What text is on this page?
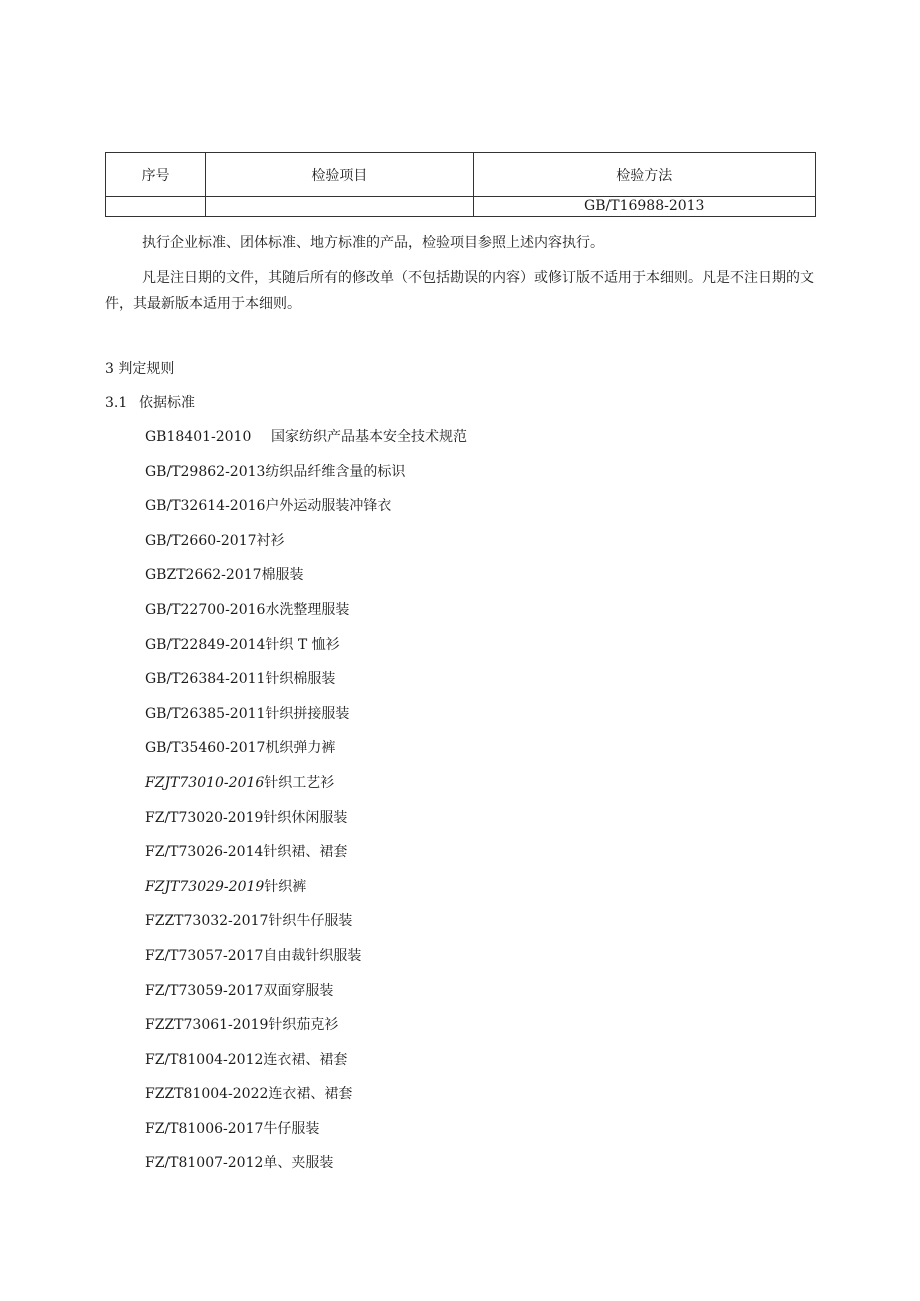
序号	检验项目	检验方法
		GB/T16988-2013

执行企业标准、团体标准、地方标准的产品，检验项目参照上述内容执行。

凡是注日期的文件，其随后所有的修改单（不包括勘误的内容）或修订版不适用于本细则。凡是不注日期的文件，其最新版本适用于本细则。

3 判定规则

3.1 依据标准

GB18401-2010 国家纺织产品基本安全技术规范
GB/T29862-2013纺织品纤维含量的标识
GB/T32614-2016户外运动服装冲锋衣
GB/T2660-2017衬衫
GBZT2662-2017棉服装
GB/T22700-2016水洗整理服装
GB/T22849-2014针织 T 恤衫
GB/T26384-2011针织棉服装
GB/T26385-2011针织拼接服装
GB/T35460-2017机织弹力裤
FZJT73010-2016针织工艺衫
FZ/T73020-2019针织休闲服装
FZ/T73026-2014针织裙、裙套
FZJT73029-2019针织裤
FZZT73032-2017针织牛仔服装
FZ/T73057-2017自由裁针织服装
FZ/T73059-2017双面穿服装
FZZT73061-2019针织茄克衫
FZ/T81004-2012连衣裙、裙套
FZZT81004-2022连衣裙、裙套
FZ/T81006-2017牛仔服装
FZ/T81007-2012单、夹服装
